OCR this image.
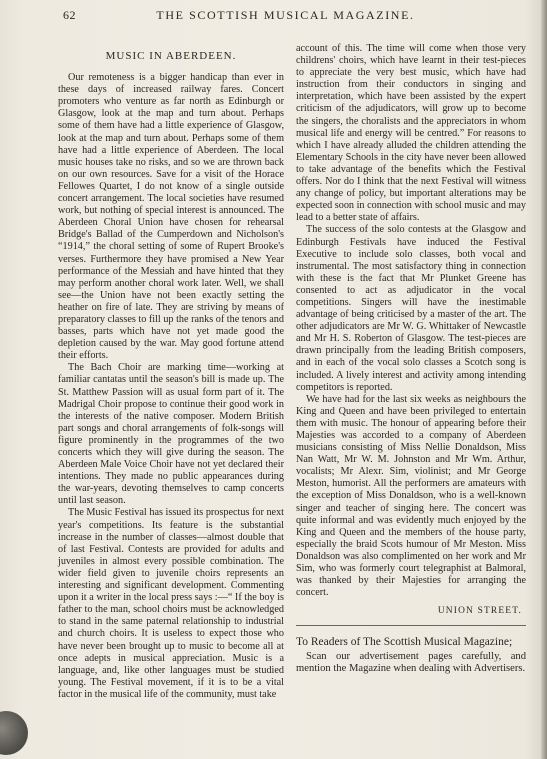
62	THE SCOTTISH MUSICAL MAGAZINE.
MUSIC IN ABERDEEN.

Our remoteness is a bigger handicap than ever in these days of increased railway fares. Concert promoters who venture as far north as Edinburgh or Glasgow, look at the map and turn about. Perhaps some of them have had a little experience of Glasgow, look at the map and turn about. Perhaps some of them have had a little experience of Aberdeen. The local music houses take no risks, and so we are thrown back on our own resources. Save for a visit of the Horace Fellowes Quartet, I do not know of a single outside concert arrangement. The local societies have resumed work, but nothing of special interest is announced. The Aberdeen Choral Union have chosen for rehearsal Bridge's Ballad of the Cumperdown and Nicholson's “1914,” the choral setting of some of Rupert Brooke's verses. Furthermore they have promised a New Year performance of the Messiah and have hinted that they may perform another choral work later. Well, we shall see—the Union have not been exactly setting the heather on fire of late. They are striving by means of preparatory classes to fill up the ranks of the tenors and basses, parts which have not yet made good the depletion caused by the war. May good fortune attend their efforts.

The Bach Choir are marking time—working at familiar cantatas until the season's bill is made up. The St. Matthew Passion will as usual form part of it. The Madrigal Choir propose to continue their good work in the interests of the native composer. Modern British part songs and choral arrangements of folk-songs will figure prominently in the programmes of the two concerts which they will give during the season. The Aberdeen Male Voice Choir have not yet declared their intentions. They made no public appearances during the war-years, devoting themselves to camp concerts until last season.

The Music Festival has issued its prospectus for next year's competitions. Its feature is the substantial increase in the number of classes—almost double that of last Festival. Contests are provided for adults and juveniles in almost every possible combination. The wider field given to juvenile choirs represents an interesting and significant development. Commenting upon it a writer in the local press says :—“ If the boy is father to the man, school choirs must be acknowledged to stand in the same paternal relationship to industrial and church choirs. It is useless to expect those who have never been brought up to music to become all at once adepts in musical appreciation. Music is a language, and, like other languages must be studied young. The Festival movement, if it is to be a vital factor in the musical life of the community, must take

account of this. The time will come when those very childrens' choirs, which have learnt in their test-pieces to appreciate the very best music, which have had instruction from their conductors in singing and interpretation, which have been assisted by the expert criticism of the adjudicators, will grow up to become the singers, the choralists and the appreciators in whom musical life and energy will be centred.” For reasons to which I have already alluded the children attending the Elementary Schools in the city have never been allowed to take advantage of the benefits which the Festival offers. Nor do I think that the next Festival will witness any change of policy, but important alterations may be expected soon in connection with school music and may lead to a better state of affairs.

The success of the solo contests at the Glasgow and Edinburgh Festivals have induced the Festival Executive to include solo classes, both vocal and instrumental. The most satisfactory thing in connection with these is the fact that Mr Plunket Greene has consented to act as adjudicator in the vocal competitions. Singers will have the inestimable advantage of being criticised by a master of the art. The other adjudicators are Mr W. G. Whittaker of Newcastle and Mr H. S. Roberton of Glasgow. The test-pieces are drawn principally from the leading British composers, and in each of the vocal solo classes a Scotch song is included. A lively interest and activity among intending competitors is reported.

We have had for the last six weeks as neighbours the King and Queen and have been privileged to entertain them with music. The honour of appearing before their Majesties was accorded to a company of Aberdeen musicians consisting of Miss Nellie Donaldson, Miss Nan Watt, Mr W. M. Johnston and Mr Wm. Arthur, vocalists; Mr Alexr. Sim, violinist; and Mr George Meston, humorist. All the performers are amateurs with the exception of Miss Donaldson, who is a well-known singer and teacher of singing here. The concert was quite informal and was evidently much enjoyed by the King and Queen and the members of the house party, especially the braid Scots humour of Mr Meston. Miss Donaldson was also complimented on her work and Mr Sim, who was formerly court telegraphist at Balmoral, was thanked by their Majesties for arranging the concert.

UNION STREET.
To Readers of The Scottish Musical Magazine;

Scan our advertisement pages carefully, and mention the Magazine when dealing with Advertisers.
